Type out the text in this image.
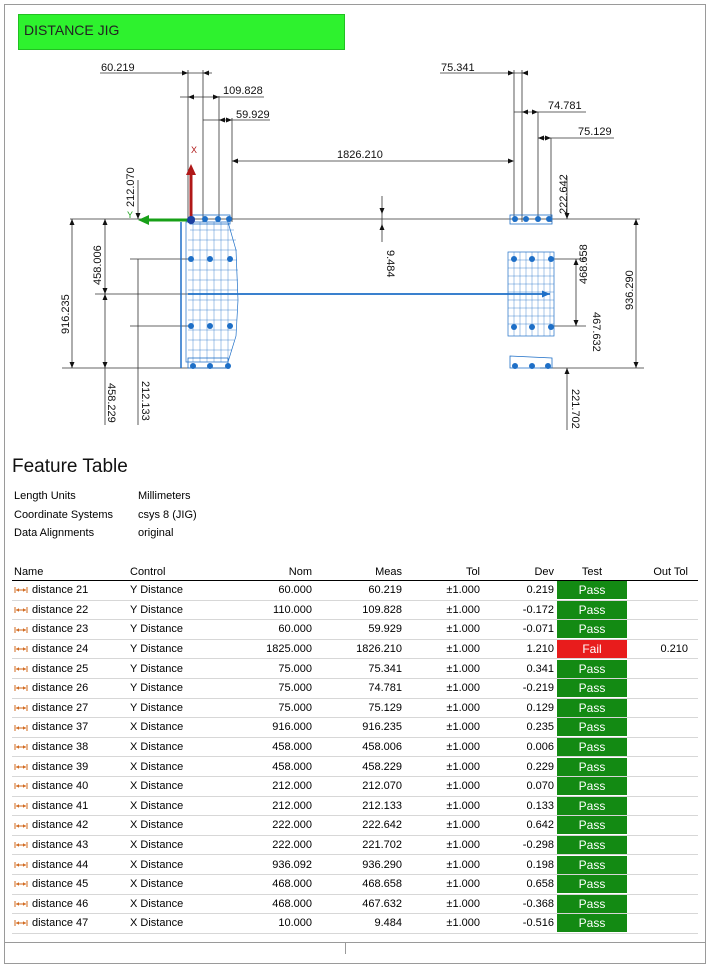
DISTANCE JIG
X
Y
60.219
109.828
59.929
1826.210
75.341
74.781
75.129
212.070	222.642
458.006	9.484	468.658
916.235
936.290
467.632
458.229 212.133	221.702
Feature Table
Length Units	Millimeters
Coordinate Systems	csys 8 (JIG)
Data Alignments	original
Name	Control	Nom	Meas	Tol	Dev	Test	Out Tol
distance 21	Y Distance	60.000	60.219	±1.000	0.219	Pass	

distance 22	Y Distance	110.000	109.828	±1.000	-0.172	Pass	

distance 23	Y Distance	60.000	59.929	±1.000	-0.071	Pass	

distance 24	Y Distance	1825.000	1826.210	±1.000	1.210	Fail	0.210
distance 25	Y Distance	75.000	75.341	±1.000	0.341	Pass	

distance 26	Y Distance	75.000	74.781	±1.000	-0.219	Pass	

distance 27	Y Distance	75.000	75.129	±1.000	0.129	Pass	

distance 37	X Distance	916.000	916.235	±1.000	0.235	Pass	

distance 38	X Distance	458.000	458.006	±1.000	0.006	Pass	

distance 39	X Distance	458.000	458.229	±1.000	0.229	Pass	

distance 40	X Distance	212.000	212.070	±1.000	0.070	Pass	

distance 41	X Distance	212.000	212.133	±1.000	0.133	Pass	

distance 42	X Distance	222.000	222.642	±1.000	0.642	Pass	

distance 43	X Distance	222.000	221.702	±1.000	-0.298	Pass	

distance 44	X Distance	936.092	936.290	±1.000	0.198	Pass	

distance 45	X Distance	468.000	468.658	±1.000	0.658	Pass	

distance 46	X Distance	468.000	467.632	±1.000	-0.368	Pass	

distance 47	X Distance	10.000	9.484	±1.000	-0.516	Pass	
